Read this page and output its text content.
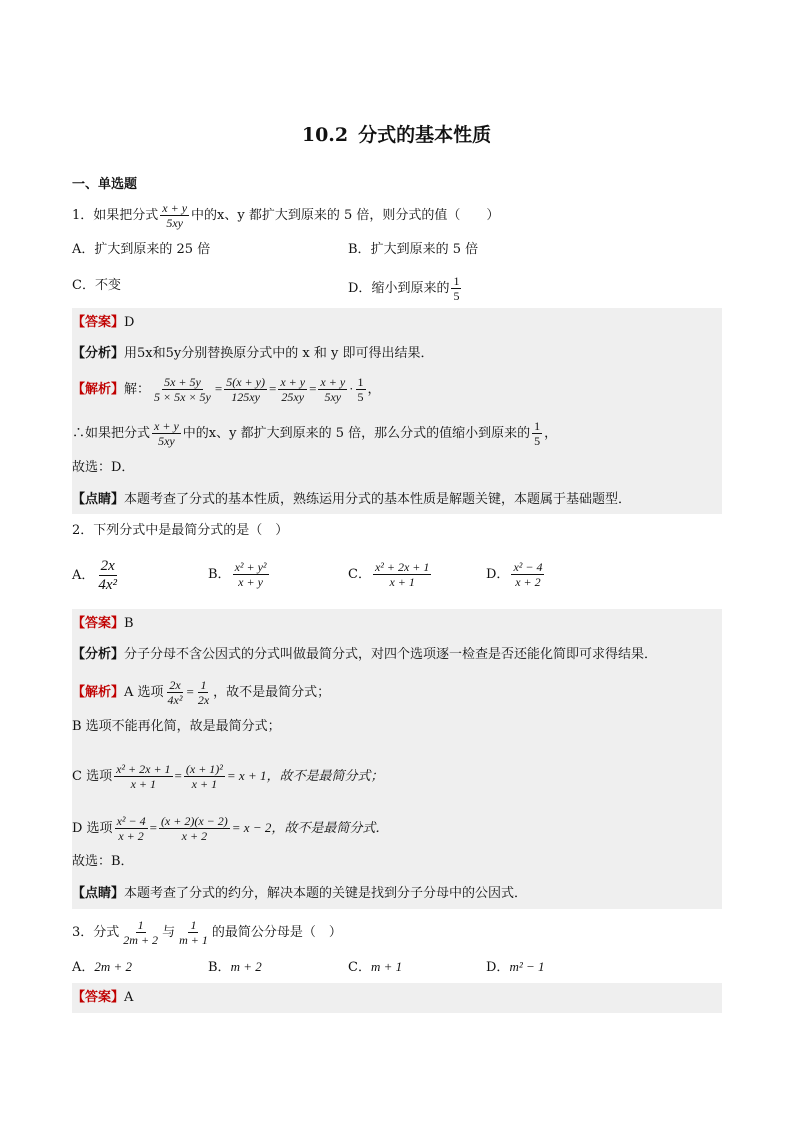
10.2 分式的基本性质
一、单选题
1．如果把分式 $\frac{x + y}{5xy}$ 中的x、y 都扩大到原来的 5 倍，则分式的值（　　）
A．扩大到原来的 25 倍	B．扩大到原来的 5 倍
C．不变	D．缩小到原来的 $\frac{1}{5}$
【答案】D
【分析】用5x和5y分别替换原分式中的 x 和 y 即可得出结果．
【解析】解： $\frac{5x + 5y}{5 \times 5x \times 5y} = \frac{5(x + y)}{125xy} = \frac{x + y}{25xy} = \frac{x + y}{5xy} \cdot \frac{1}{5}$ ，
∴如果把分式 $\frac{x + y}{5xy}$ 中的x、y 都扩大到原来的 5 倍，那么分式的值缩小到原来的 $\frac{1}{5}$ ，
故选：D．
【点睛】本题考查了分式的基本性质，熟练运用分式的基本性质是解题关键，本题属于基础题型．
2．下列分式中是最简分式的是（　）
A． $\frac{2x}{\text{4x²}}$	B． $\frac{\text{x² + y²}}{x + y}$	C． $\frac{\text{x² + 2x + 1}}{x + 1}$	D． $\frac{\text{x² − 4}}{x + 2}$
【答案】B
【分析】分子分母不含公因式的分式叫做最简分式，对四个选项逐一检查是否还能化简即可求得结果．
【解析】A 选项 $\frac{2x}{\text{4x²}} = \frac{1}{2x}$ ，故不是最简分式；
B 选项不能再化简，故是最简分式；
C 选项 $\frac{\text{x² + 2x + 1}}{x + 1} = \frac{\text{(x + 1)²}}{x + 1} = x + 1$，故不是最简分式；
D 选项 $\frac{\text{x² − 4}}{x + 2} = \frac{(x + 2)(x - 2)}{x + 2} = x - 2$，故不是最简分式．
故选：B．
【点睛】本题考查了分式的约分，解决本题的关键是找到分子分母中的公因式．
3．分式 $\frac{1}{2m + 2}$ 与 $\frac{1}{m + 1}$ 的最简公分母是（　）
A．2m + 2	B．m + 2	C．m + 1	D．m² − 1
【答案】A
